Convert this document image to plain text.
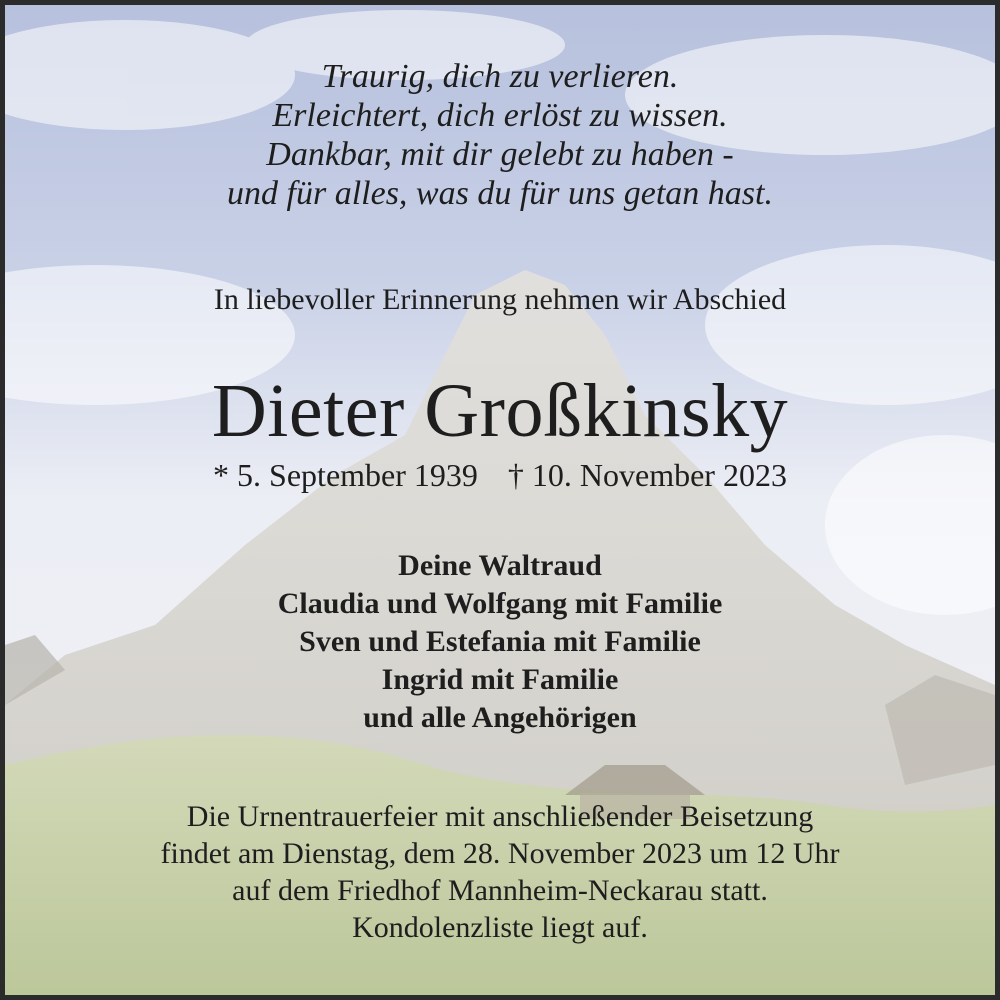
Traurig, dich zu verlieren.
Erleichtert, dich erlöst zu wissen.
Dankbar, mit dir gelebt zu haben -
und für alles, was du für uns getan hast.
In liebevoller Erinnerung nehmen wir Abschied
Dieter Großkinsky
* 5. September 1939 † 10. November 2023
Deine Waltraud
Claudia und Wolfgang mit Familie
Sven und Estefania mit Familie
Ingrid mit Familie
und alle Angehörigen
Die Urnentrauerfeier mit anschließender Beisetzung
findet am Dienstag, dem 28. November 2023 um 12 Uhr
auf dem Friedhof Mannheim-Neckarau statt.
Kondolenzliste liegt auf.
